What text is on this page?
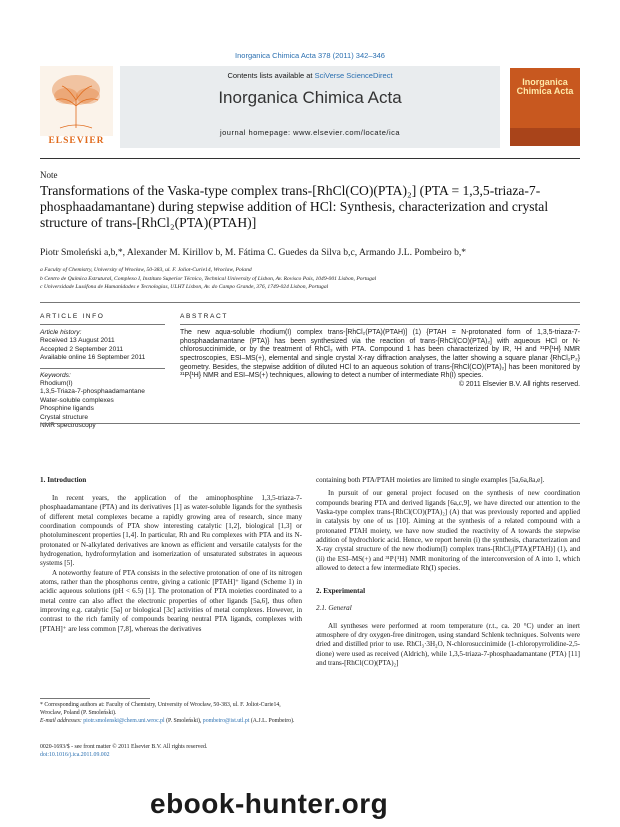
Inorganica Chimica Acta 378 (2011) 342–346
ELSEVIER
Contents lists available at SciVerse ScienceDirect
Inorganica Chimica Acta
journal homepage: www.elsevier.com/locate/ica
Inorganica Chimica Acta
Note
Transformations of the Vaska-type complex trans-[RhCl(CO)(PTA)₂] (PTA = 1,3,5-triaza-7-phosphaadamantane) during stepwise addition of HCl: Synthesis, characterization and crystal structure of trans-[RhCl₂(PTA)(PTAH)]
Piotr Smoleński a,b,*, Alexander M. Kirillov b, M. Fátima C. Guedes da Silva b,c, Armando J.L. Pombeiro b,*
a Faculty of Chemistry, University of Wrocław, 50-383, ul. F. Joliot-Curie14, Wroclaw, Poland
b Centro de Química Estrutural, Complexo I, Instituto Superior Técnico, Technical University of Lisbon, Av. Rovisco Pais, 1049-001 Lisbon, Portugal
c Universidade Lusófona de Humanidades e Tecnologias, ULHT Lisbon, Av. do Campo Grande, 376, 1749-024 Lisbon, Portugal
ARTICLE INFO
Article history:
Received 13 August 2011
Accepted 2 September 2011
Available online 16 September 2011
Keywords:
Rhodium(I)
1,3,5-Triaza-7-phosphaadamantane
Water-soluble complexes
Phosphine ligands
Crystal structure
NMR spectroscopy
ABSTRACT
The new aqua-soluble rhodium(I) complex trans-[RhCl₂(PTA)(PTAH)] (1) {PTAH = N-protonated form of 1,3,5-triaza-7-phosphaadamantane (PTA)} has been synthesized via the reaction of trans-[RhCl(CO)(PTA)₂] with aqueous HCl or N-chlorosuccinimide, or by the treatment of RhCl₃ with PTA. Compound 1 has been characterized by IR, ¹H and ³¹P{¹H} NMR spectroscopies, ESI–MS(+), elemental and single crystal X-ray diffraction analyses, the latter showing a square planar {RhCl₂P₂} geometry. Besides, the stepwise addition of diluted HCl to an aqueous solution of trans-[RhCl(CO)(PTA)₂] has been monitored by ³¹P{¹H} NMR and ESI–MS(+) techniques, allowing to detect a number of intermediate Rh(I) species.
© 2011 Elsevier B.V. All rights reserved.
1. Introduction
In recent years, the application of the aminophosphine 1,3,5-triaza-7-phosphaadamantane (PTA) and its derivatives [1] as water-soluble ligands for the synthesis of different metal complexes became a rapidly growing area of research, since many coordination compounds of PTA show interesting catalytic [1,2], biological [1,3] or photoluminescent properties [1,4]. In particular, Rh and Ru complexes with PTA and its N-protonated or N-alkylated derivatives are known as efficient and versatile catalysts for the hydrogenation, hydroformylation and isomerization of unsaturated substrates in aqueous systems [5].
A noteworthy feature of PTA consists in the selective protonation of one of its nitrogen atoms, rather than the phosphorus centre, giving a cationic [PTAH]⁺ ligand (Scheme 1) in acidic aqueous solutions (pH < 6.5) [1]. The protonation of PTA moieties coordinated to a metal centre can also affect the electronic properties of other ligands [5a,6], thus often improving e.g. catalytic [5a] or biological [3c] activities of metal complexes. However, in contrast to the rich family of compounds bearing neutral PTA ligands, complexes with [PTAH]⁺ are less common [7,8], whereas the derivatives
containing both PTA/PTAH moieties are limited to single examples [5a,6a,8a,e].
In pursuit of our general project focused on the synthesis of new coordination compounds bearing PTA and derived ligands [6a,c,9], we have directed our attention to the Vaska-type complex trans-[RhCl(CO)(PTA)₂] (A) that was previously reported and applied in catalysis by one of us [10]. Aiming at the synthesis of a related compound with a protonated PTAH moiety, we have now studied the reactivity of A towards the stepwise addition of hydrochloric acid. Hence, we report herein (i) the synthesis, characterization and X-ray crystal structure of the new rhodium(I) complex trans-[RhCl₂(PTA)(PTAH)] (1), and (ii) the ESI–MS(+) and ³¹P{¹H} NMR monitoring of the interconversion of A into 1, which allowed to detect a few intermediate Rh(I) species.
2. Experimental
2.1. General
All syntheses were performed at room temperature (r.t., ca. 20 °C) under an inert atmosphere of dry oxygen-free dinitrogen, using standard Schlenk techniques. Solvents were dried and distilled prior to use. RhCl₃·3H₂O, N-chlorosuccinimide (1-chloropyrrolidine-2,5-dione) were used as received (Aldrich), while 1,3,5-triaza-7-phosphaadamantane (PTA) [11] and trans-[RhCl(CO)(PTA)₂]
* Corresponding authors at: Faculty of Chemistry, University of Wrocław, 50-383, ul. F. Joliot-Curie14, Wroclaw, Poland (P. Smoleński).
E-mail addresses: piotr.smolenski@chem.uni.wroc.pl (P. Smoleński), pombeiro@ist.utl.pt (A.J.L. Pombeiro).
0020-1693/$ - see front matter © 2011 Elsevier B.V. All rights reserved.
doi:10.1016/j.ica.2011.09.002
ebook-hunter.org
